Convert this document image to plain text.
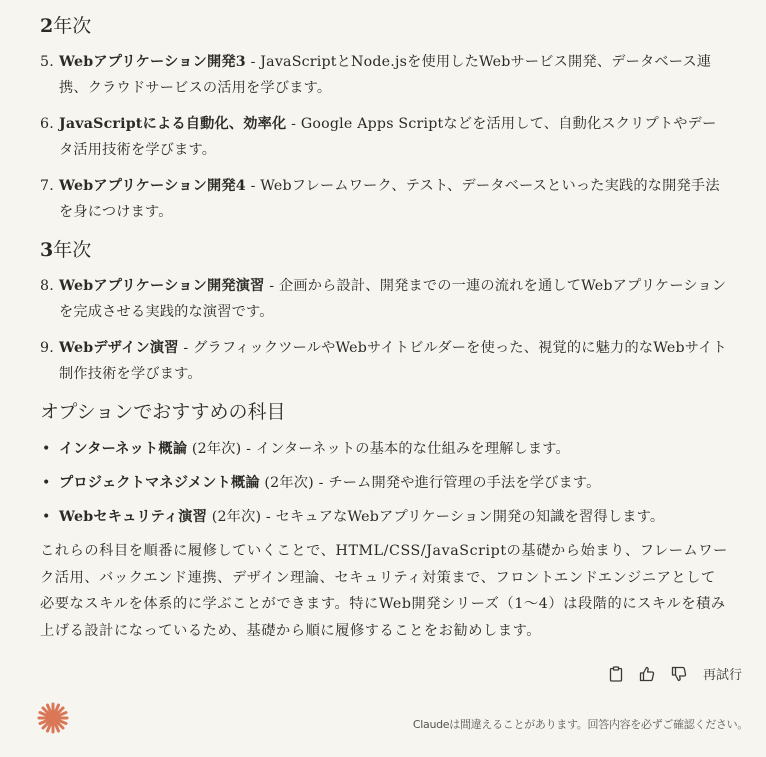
2年次
5. Webアプリケーション開発3 - JavaScriptとNode.jsを使用したWebサービス開発、データベース連携、クラウドサービスの活用を学びます。
6. JavaScriptによる自動化、効率化 - Google Apps Scriptなどを活用して、自動化スクリプトやデータ活用技術を学びます。
7. Webアプリケーション開発4 - Webフレームワーク、テスト、データベースといった実践的な開発手法を身につけます。
3年次
8. Webアプリケーション開発演習 - 企画から設計、開発までの一連の流れを通してWebアプリケーションを完成させる実践的な演習です。
9. Webデザイン演習 - グラフィックツールやWebサイトビルダーを使った、視覚的に魅力的なWebサイト制作技術を学びます。
オプションでおすすめの科目
• インターネット概論 (2年次) - インターネットの基本的な仕組みを理解します。
• プロジェクトマネジメント概論 (2年次) - チーム開発や進行管理の手法を学びます。
• Webセキュリティ演習 (2年次) - セキュアなWebアプリケーション開発の知識を習得します。

これらの科目を順番に履修していくことで、HTML/CSS/JavaScriptの基礎から始まり、フレームワーク活用、バックエンド連携、デザイン理論、セキュリティ対策まで、フロントエンドエンジニアとして必要なスキルを体系的に学ぶことができます。特にWeb開発シリーズ（1〜4）は段階的にスキルを積み上げる設計になっているため、基礎から順に履修することをお勧めします。

再試行
Claudeは間違えることがあります。回答内容を必ずご確認ください。
